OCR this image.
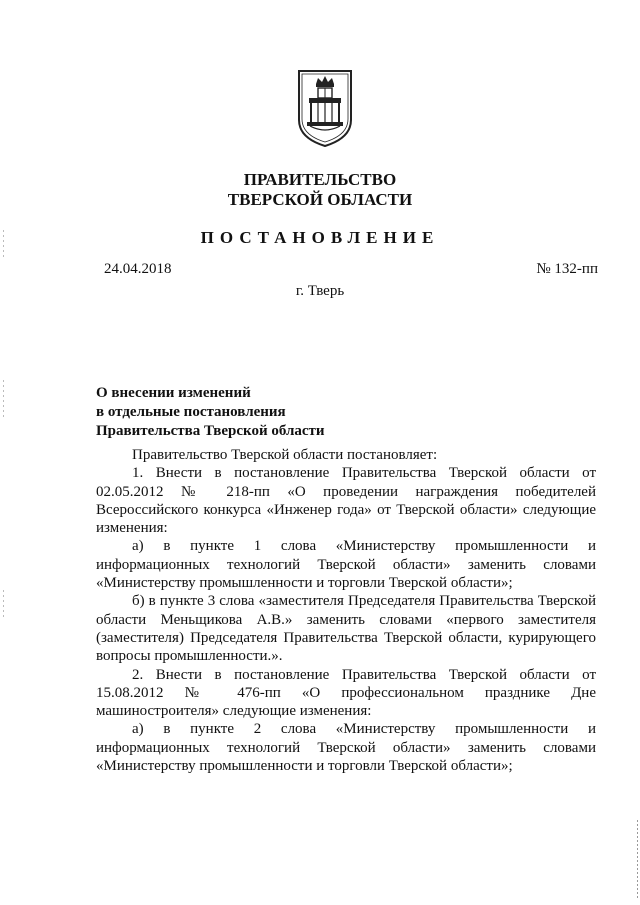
ПРАВИТЕЛЬСТВО
ТВЕРСКОЙ ОБЛАСТИ
ПОСТАНОВЛЕНИЕ
24.04.2018	№ 132-пп
г. Тверь
О внесении изменений
в отдельные постановления
Правительства Тверской области

Правительство Тверской области постановляет:

1. Внести в постановление Правительства Тверской области от 02.05.2012 № 218-пп «О проведении награждения победителей Всероссийского конкурса «Инженер года» от Тверской области» следующие изменения:

а) в пункте 1 слова «Министерству промышленности и информационных технологий Тверской области» заменить словами «Министерству промышленности и торговли Тверской области»;

б) в пункте 3 слова «заместителя Председателя Правительства Тверской области Меньщикова А.В.» заменить словами «первого заместителя (заместителя) Председателя Правительства Тверской области, курирующего вопросы промышленности.».

2. Внести в постановление Правительства Тверской области от 15.08.2012 № 476-пп «О профессиональном празднике Дне машиностроителя» следующие изменения:

а) в пункте 2 слова «Министерству промышленности и информационных технологий Тверской области» заменить словами «Министерству промышленности и торговли Тверской области»;
